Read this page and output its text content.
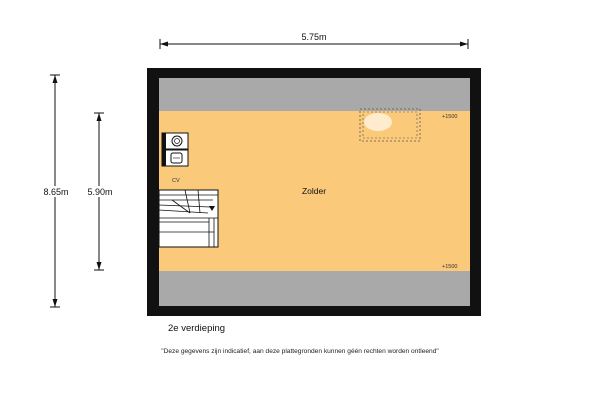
5.75m
8.65m 5.90m
+1500
+1500
CV
Zolder
2e verdieping
"Deze gegevens zijn indicatief, aan deze plattegronden kunnen géén rechten worden ontleend"
